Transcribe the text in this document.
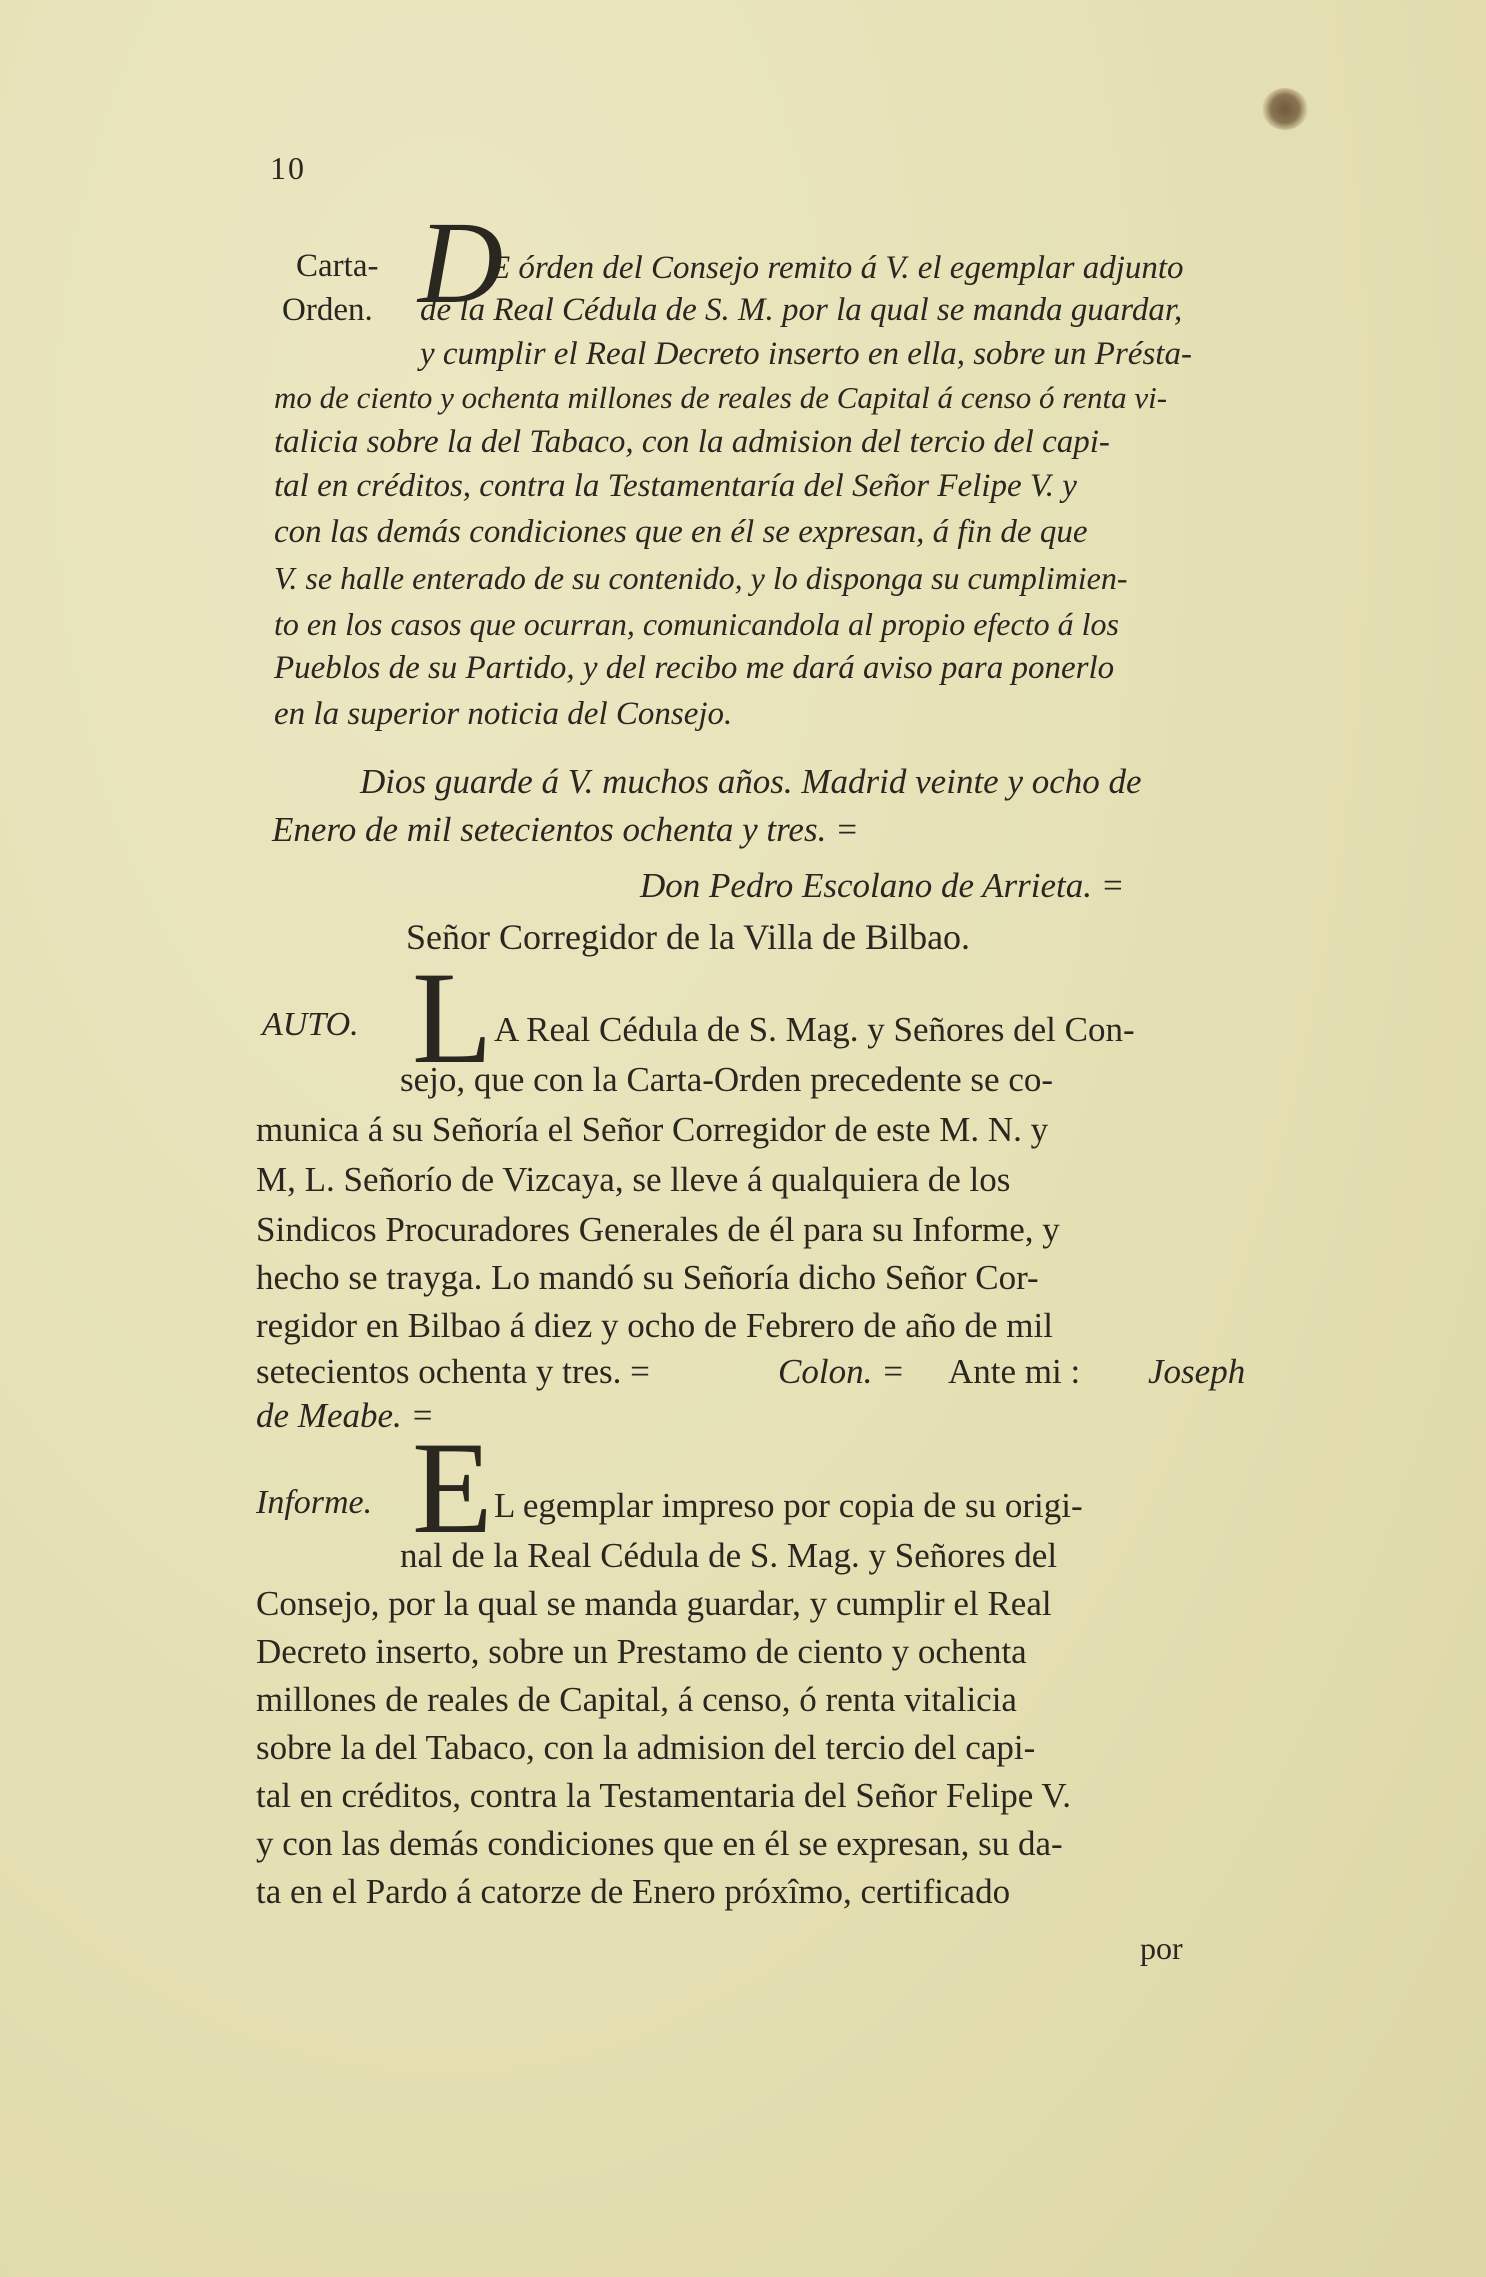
10
Carta-
Orden. D
E órden del Consejo remito á V. el egemplar adjunto
de la Real Cédula de S. M. por la qual se manda guardar,
y cumplir el Real Decreto inserto en ella, sobre un Présta-
mo de ciento y ochenta millones de reales de Capital á censo ó renta vi-
talicia sobre la del Tabaco, con la admision del tercio del capi-
tal en créditos, contra la Testamentaría del Señor Felipe V. y
con las demás condiciones que en él se expresan, á fin de que
V. se halle enterado de su contenido, y lo disponga su cumplimien-
to en los casos que ocurran, comunicandola al propio efecto á los
Pueblos de su Partido, y del recibo me dará aviso para ponerlo
en la superior noticia del Consejo.
Dios guarde á V. muchos años. Madrid veinte y ocho de
Enero de mil setecientos ochenta y tres. =
Don Pedro Escolano de Arrieta. =
Señor Corregidor de la Villa de Bilbao.
AUTO. L A Real Cédula de S. Mag. y Señores del Con-
sejo, que con la Carta-Orden precedente se co-
munica á su Señoría el Señor Corregidor de este M. N. y
M, L. Señorío de Vizcaya, se lleve á qualquiera de los
Sindicos Procuradores Generales de él para su Informe, y
hecho se trayga. Lo mandó su Señoría dicho Señor Cor-
regidor en Bilbao á diez y ocho de Febrero de año de mil
setecientos ochenta y tres. =	Colon. = Ante mi : Joseph
de Meabe. =
Informe. E L egemplar impreso por copia de su origi-
nal de la Real Cédula de S. Mag. y Señores del
Consejo, por la qual se manda guardar, y cumplir el Real
Decreto inserto, sobre un Prestamo de ciento y ochenta
millones de reales de Capital, á censo, ó renta vitalicia
sobre la del Tabaco, con la admision del tercio del capi-
tal en créditos, contra la Testamentaria del Señor Felipe V.
y con las demás condiciones que en él se expresan, su da-
ta en el Pardo á catorze de Enero próxîmo, certificado
por
